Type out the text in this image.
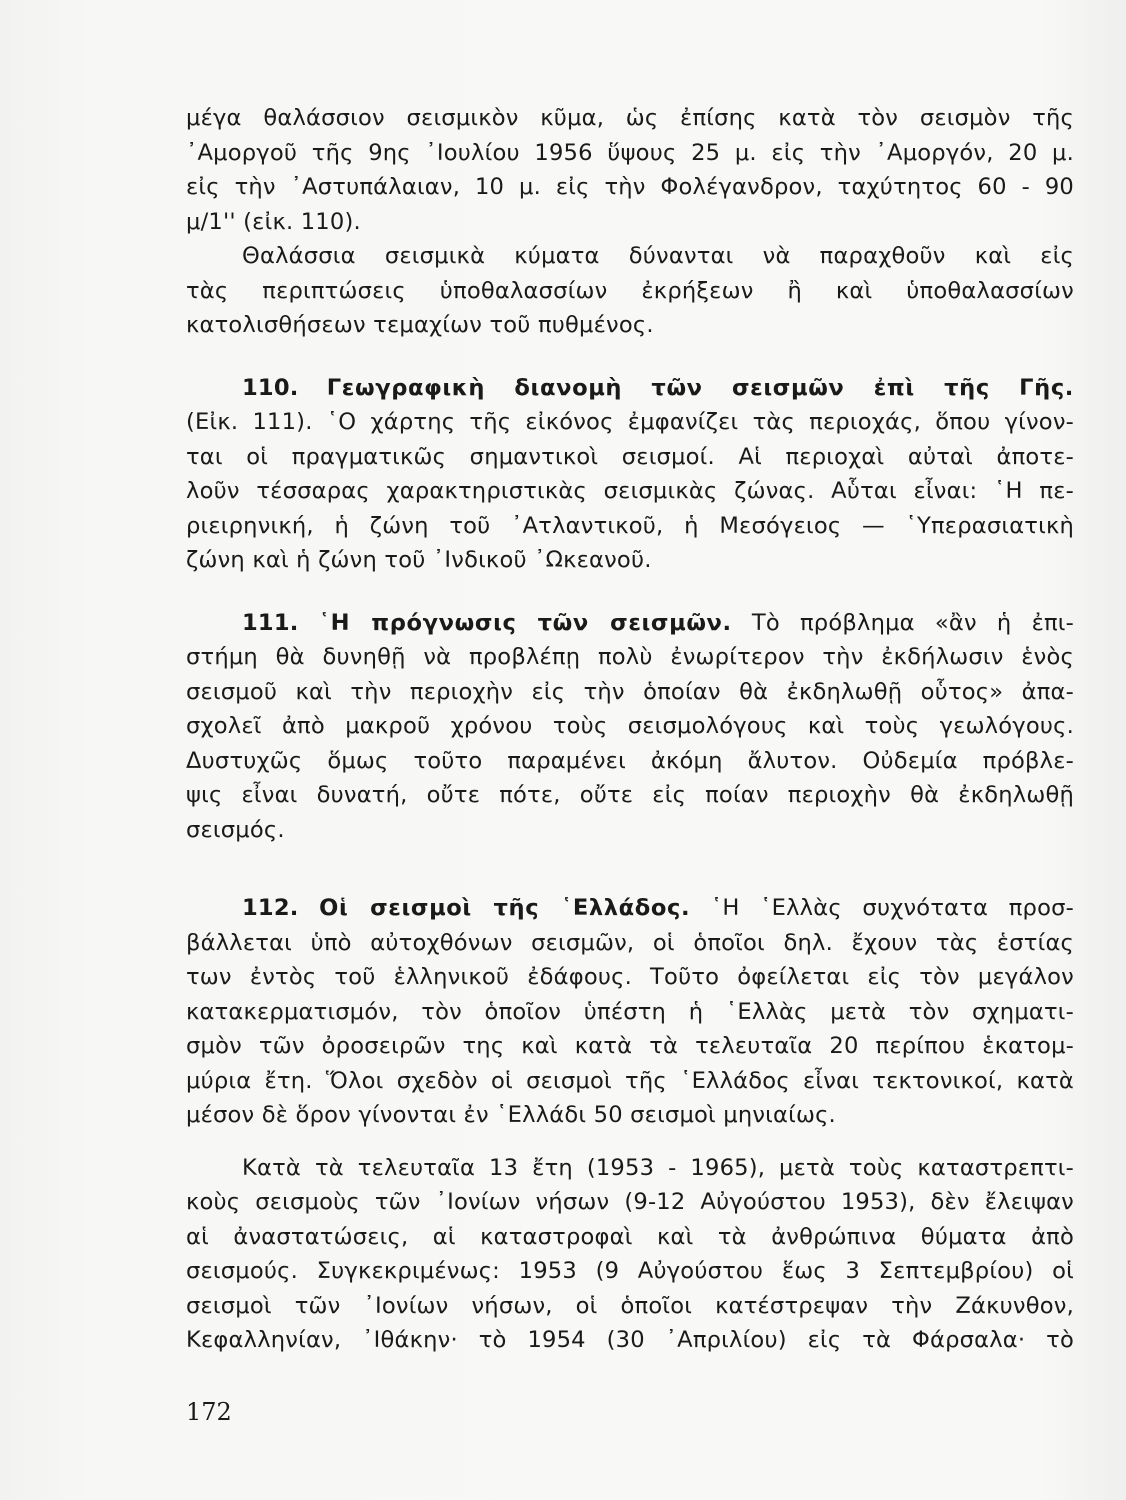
μέγα θαλάσσιον σεισμικὸν κῦμα, ὡς ἐπίσης κατὰ τὸν σεισμὸν τῆς
᾿Αμοργοῦ τῆς 9ης ᾿Ιουλίου 1956 ὕψους 25 μ. εἰς τὴν ᾿Αμοργόν, 20 μ.
εἰς τὴν ᾿Αστυπάλαιαν, 10 μ. εἰς τὴν Φολέγανδρον, ταχύτητος 60 - 90
μ/1'' (εἰκ. 110).
Θαλάσσια σεισμικὰ κύματα δύνανται νὰ παραχθοῦν καὶ εἰς
τὰς περιπτώσεις ὑποθαλασσίων ἐκρήξεων ἢ καὶ ὑποθαλασσίων
κατολισθήσεων τεμαχίων τοῦ πυθμένος.
110. Γεωγραφικὴ διανομὴ τῶν σεισμῶν ἐπὶ τῆς Γῆς.
(Εἰκ. 111). ῾Ο χάρτης τῆς εἰκόνος ἐμφανίζει τὰς περιοχάς, ὅπου γίνον-
ται οἱ πραγματικῶς σημαντικοὶ σεισμοί. Αἱ περιοχαὶ αὐταὶ ἀποτε-
λοῦν τέσσαρας χαρακτηριστικὰς σεισμικὰς ζώνας. Αὗται εἶναι: ῾Η πε-
ριειρηνική, ἡ ζώνη τοῦ ᾿Ατλαντικοῦ, ἡ Μεσόγειος — ῾Υπερασιατικὴ
ζώνη καὶ ἡ ζώνη τοῦ ᾿Ινδικοῦ ᾿Ωκεανοῦ.
111. ῾Η πρόγνωσις τῶν σεισμῶν. Τὸ πρόβλημα «ἂν ἡ ἐπι-
στήμη θὰ δυνηθῇ νὰ προβλέπῃ πολὺ ἐνωρίτερον τὴν ἐκδήλωσιν ἑνὸς
σεισμοῦ καὶ τὴν περιοχὴν εἰς τὴν ὁποίαν θὰ ἐκδηλωθῇ οὗτος» ἀπα-
σχολεῖ ἀπὸ μακροῦ χρόνου τοὺς σεισμολόγους καὶ τοὺς γεωλόγους.
Δυστυχῶς ὅμως τοῦτο παραμένει ἀκόμη ἄλυτον. Οὐδεμία πρόβλε-
ψις εἶναι δυνατή, οὔτε πότε, οὔτε εἰς ποίαν περιοχὴν θὰ ἐκδηλωθῇ
σεισμός.
112. Οἱ σεισμοὶ τῆς ῾Ελλάδος. ῾Η ῾Ελλὰς συχνότατα προσ-
βάλλεται ὑπὸ αὐτοχθόνων σεισμῶν, οἱ ὁποῖοι δηλ. ἔχουν τὰς ἑστίας
των ἐντὸς τοῦ ἑλληνικοῦ ἐδάφους. Τοῦτο ὀφείλεται εἰς τὸν μεγάλον
κατακερματισμόν, τὸν ὁποῖον ὑπέστη ἡ ῾Ελλὰς μετὰ τὸν σχηματι-
σμὸν τῶν ὀροσειρῶν της καὶ κατὰ τὰ τελευταῖα 20 περίπου ἑκατομ-
μύρια ἔτη. Ὅλοι σχεδὸν οἱ σεισμοὶ τῆς ῾Ελλάδος εἶναι τεκτονικοί, κατὰ
μέσον δὲ ὅρον γίνονται ἐν ῾Ελλάδι 50 σεισμοὶ μηνιαίως.
Κατὰ τὰ τελευταῖα 13 ἔτη (1953 - 1965), μετὰ τοὺς καταστρεπτι-
κοὺς σεισμοὺς τῶν ᾿Ιονίων νήσων (9-12 Αὐγούστου 1953), δὲν ἔλειψαν
αἱ ἀναστατώσεις, αἱ καταστροφαὶ καὶ τὰ ἀνθρώπινα θύματα ἀπὸ
σεισμούς. Συγκεκριμένως: 1953 (9 Αὐγούστου ἕως 3 Σεπτεμβρίου) οἱ
σεισμοὶ τῶν ᾿Ιονίων νήσων, οἱ ὁποῖοι κατέστρεψαν τὴν Ζάκυνθον,
Κεφαλληνίαν, ᾿Ιθάκην· τὸ 1954 (30 ᾿Απριλίου) εἰς τὰ Φάρσαλα· τὸ
172
